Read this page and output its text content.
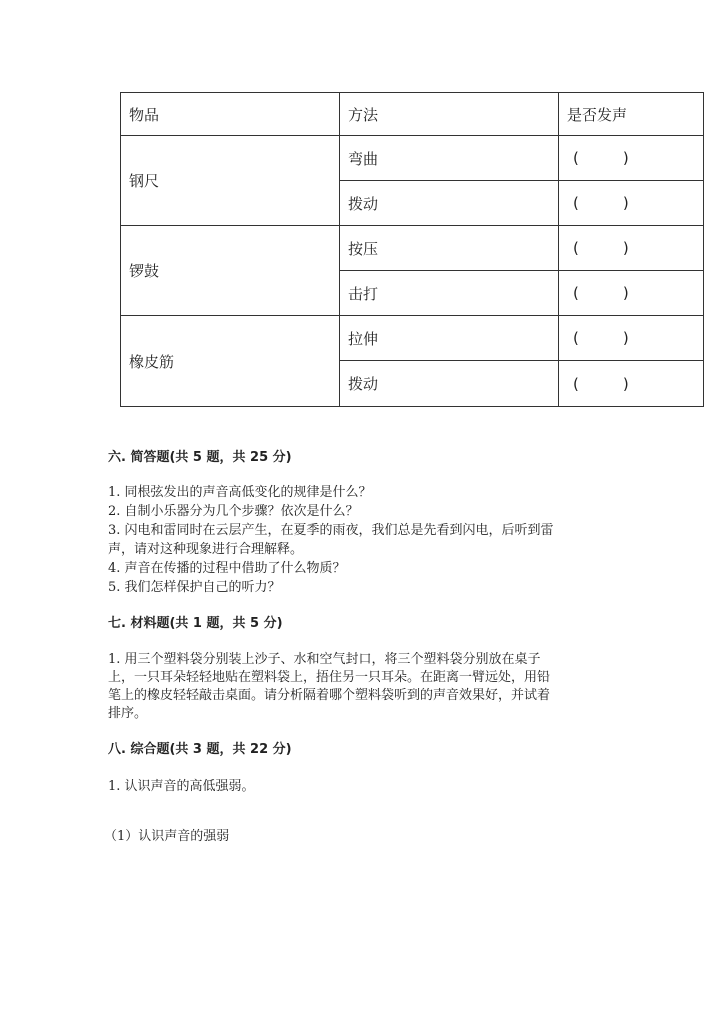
物品	方法	是否发声
钢尺	弯曲	( )
	拨动	( )
锣鼓	按压	( )
	击打	( )
橡皮筋	拉伸	( )
	拨动	( )
六. 简答题(共 5 题，共 25 分)
1. 同根弦发出的声音高低变化的规律是什么？
2. 自制小乐器分为几个步骤？依次是什么？
3. 闪电和雷同时在云层产生，在夏季的雨夜，我们总是先看到闪电，后听到雷
声，请对这种现象进行合理解释。
4. 声音在传播的过程中借助了什么物质？
5. 我们怎样保护自己的听力？
七. 材料题(共 1 题，共 5 分)
1. 用三个塑料袋分别装上沙子、水和空气封口，将三个塑料袋分别放在桌子
上，一只耳朵轻轻地贴在塑料袋上，捂住另一只耳朵。在距离一臂远处，用铅
笔上的橡皮轻轻敲击桌面。请分析隔着哪个塑料袋听到的声音效果好，并试着
排序。
八. 综合题(共 3 题，共 22 分)
1. 认识声音的高低强弱。
（1）认识声音的强弱
